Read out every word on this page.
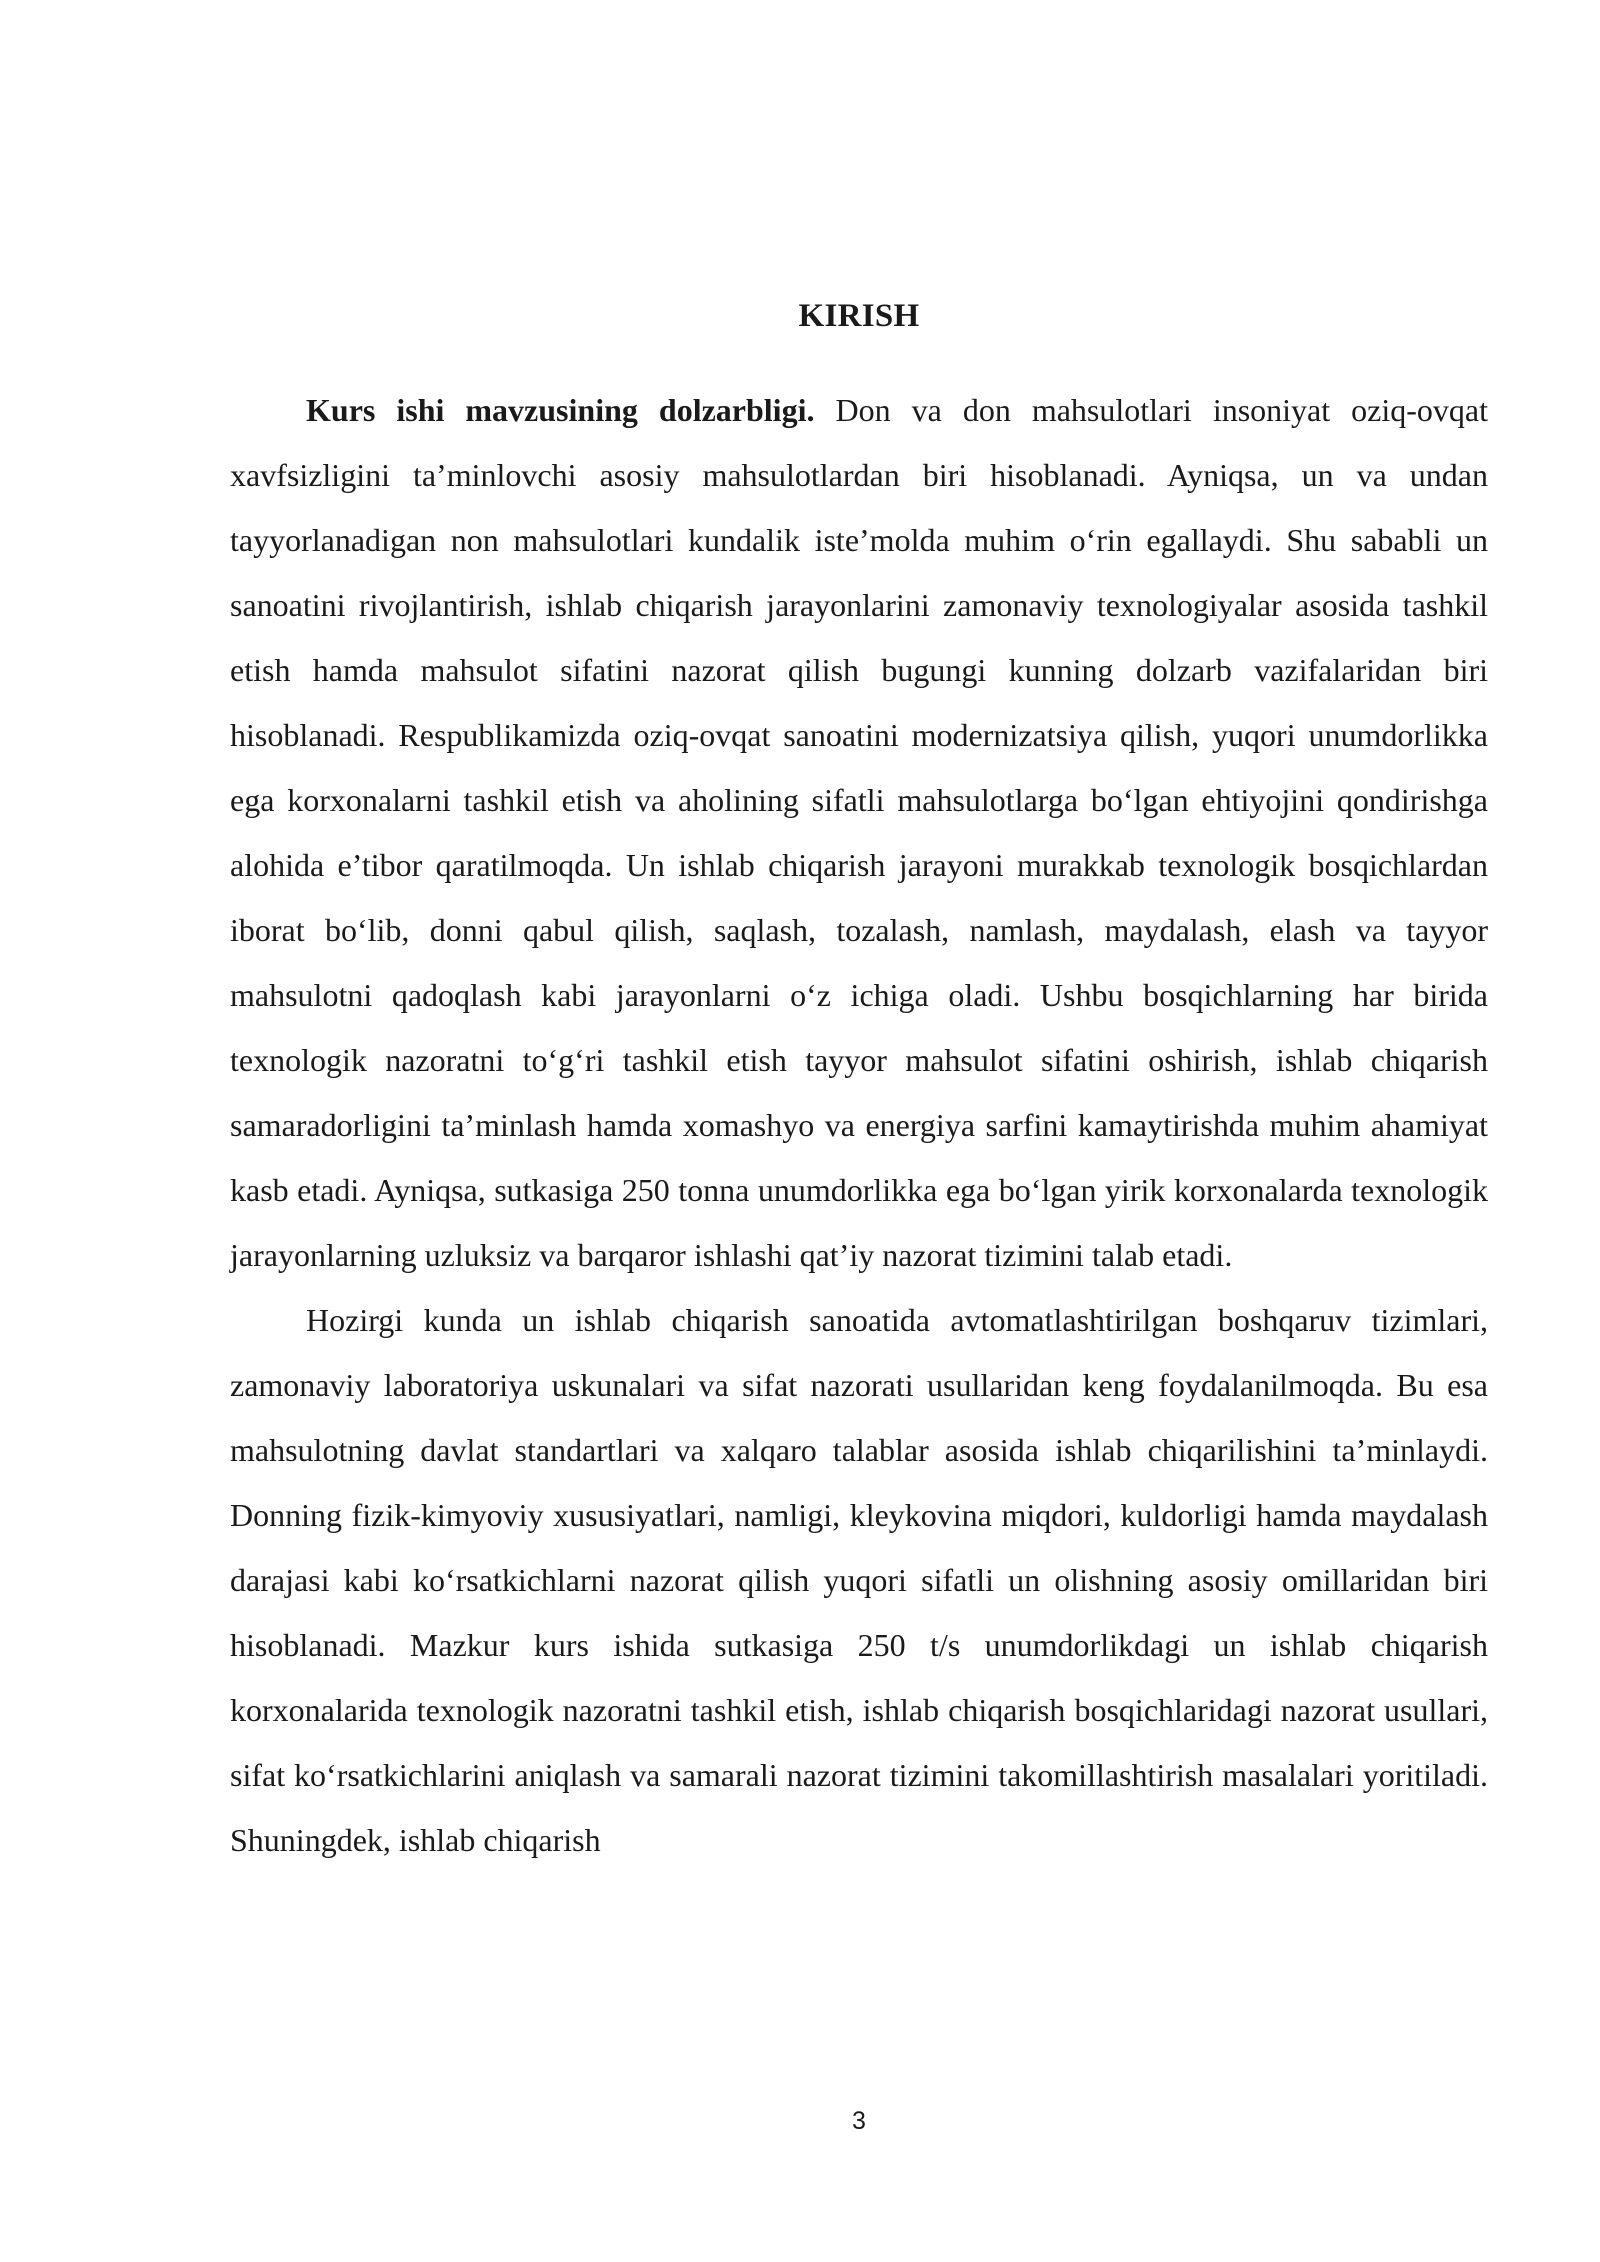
KIRISH

Kurs ishi mavzusining dolzarbligi. Don va don mahsulotlari insoniyat oziq-ovqat xavfsizligini ta’minlovchi asosiy mahsulotlardan biri hisoblanadi. Ayniqsa, un va undan tayyorlanadigan non mahsulotlari kundalik iste’molda muhim o‘rin egallaydi. Shu sababli un sanoatini rivojlantirish, ishlab chiqarish jarayonlarini zamonaviy texnologiyalar asosida tashkil etish hamda mahsulot sifatini nazorat qilish bugungi kunning dolzarb vazifalaridan biri hisoblanadi. Respublikamizda oziq-ovqat sanoatini modernizatsiya qilish, yuqori unumdorlikka ega korxonalarni tashkil etish va aholining sifatli mahsulotlarga bo‘lgan ehtiyojini qondirishga alohida e’tibor qaratilmoqda. Un ishlab chiqarish jarayoni murakkab texnologik bosqichlardan iborat bo‘lib, donni qabul qilish, saqlash, tozalash, namlash, maydalash, elash va tayyor mahsulotni qadoqlash kabi jarayonlarni o‘z ichiga oladi. Ushbu bosqichlarning har birida texnologik nazoratni to‘g‘ri tashkil etish tayyor mahsulot sifatini oshirish, ishlab chiqarish samaradorligini ta’minlash hamda xomashyo va energiya sarfini kamaytirishda muhim ahamiyat kasb etadi. Ayniqsa, sutkasiga 250 tonna unumdorlikka ega bo‘lgan yirik korxonalarda texnologik jarayonlarning uzluksiz va barqaror ishlashi qat’iy nazorat tizimini talab etadi.

Hozirgi kunda un ishlab chiqarish sanoatida avtomatlashtirilgan boshqaruv tizimlari, zamonaviy laboratoriya uskunalari va sifat nazorati usullaridan keng foydalanilmoqda. Bu esa mahsulotning davlat standartlari va xalqaro talablar asosida ishlab chiqarilishini ta’minlaydi. Donning fizik-kimyoviy xususiyatlari, namligi, kleykovina miqdori, kuldorligi hamda maydalash darajasi kabi ko‘rsatkichlarni nazorat qilish yuqori sifatli un olishning asosiy omillaridan biri hisoblanadi. Mazkur kurs ishida sutkasiga 250 t/s unumdorlikdagi un ishlab chiqarish korxonalarida texnologik nazoratni tashkil etish, ishlab chiqarish bosqichlaridagi nazorat usullari, sifat ko‘rsatkichlarini aniqlash va samarali nazorat tizimini takomillashtirish masalalari yoritiladi. Shuningdek, ishlab chiqarish

3
